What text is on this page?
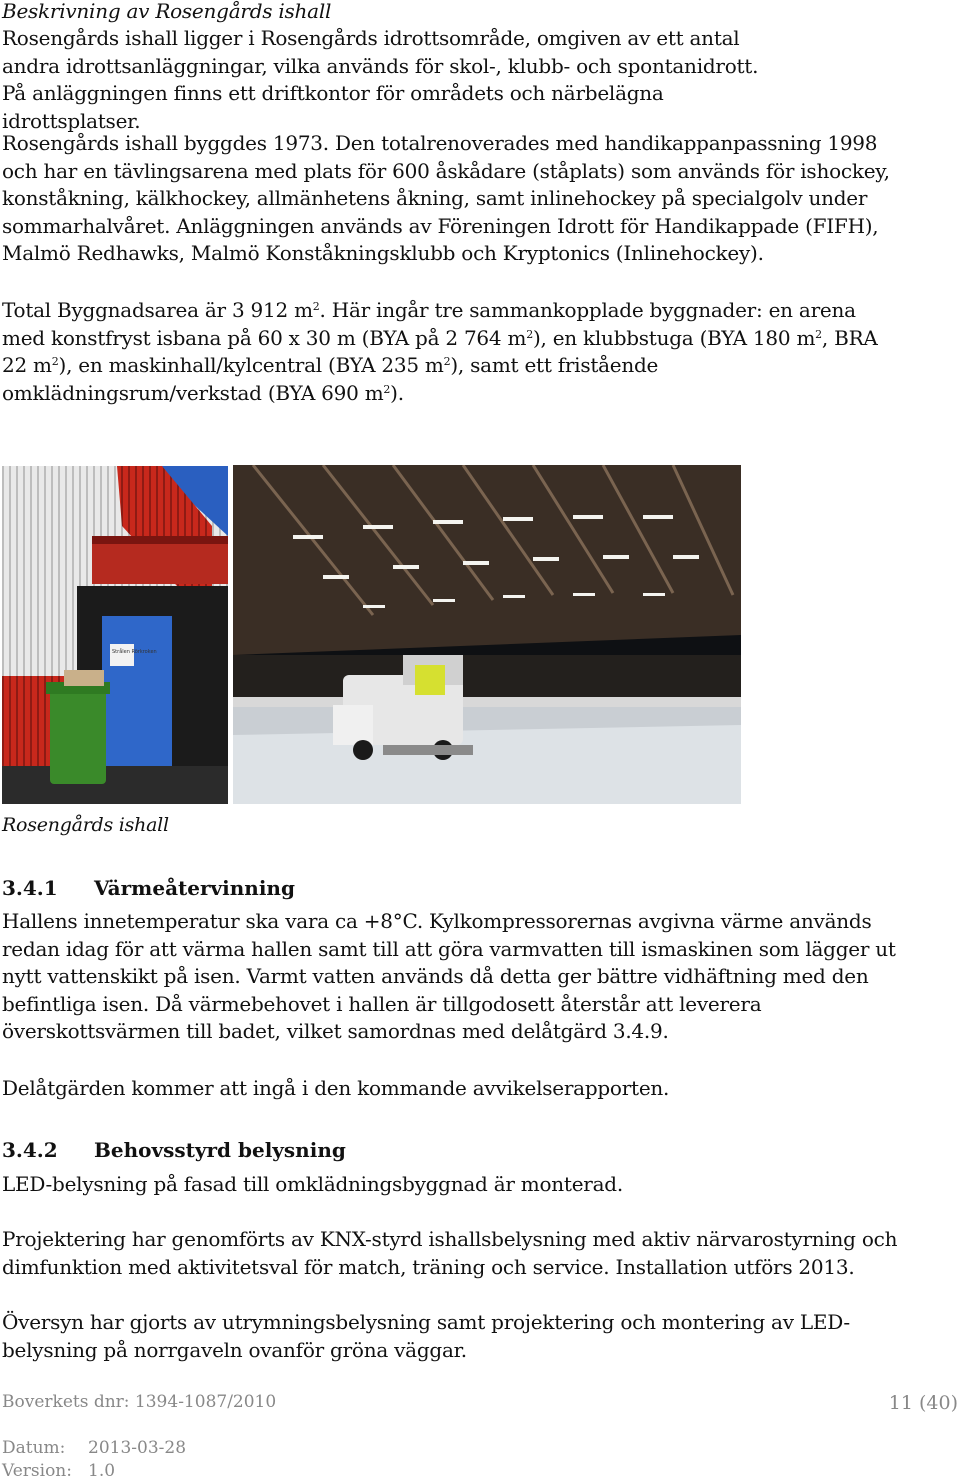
Beskrivning av Rosengårds ishall
Rosengårds ishall ligger i Rosengårds idrottsområde, omgiven av ett antal andra idrottsanläggningar, vilka används för skol-, klubb- och spontanidrott. På anläggningen finns ett driftkontor för områdets och närbelägna idrottsplatser.
Rosengårds ishall byggdes 1973. Den totalrenoverades med handikappanpassning 1998 och har en tävlingsarena med plats för 600 åskådare (ståplats) som används för ishockey, konståkning, kälkhockey, allmänhetens åkning, samt inlinehockey på specialgolv under sommarhalvåret. Anläggningen används av Föreningen Idrott för Handikappade (FIFH), Malmö Redhawks, Malmö Konståkningsklubb och Kryptonics (Inlinehockey).
Total Byggnadsarea är 3 912 $m^2$. Här ingår tre sammankopplade byggnader: en arena med konstfryst isbana på 60 x 30 m (BYA på 2 764 $m^2$), en klubbstuga (BYA 180 $m^2$, BRA 22 $m^2$), en maskinhall/kylcentral (BYA 235 $m^2$), samt ett fristående omklädningsrum/verkstad (BYA 690 $m^2$).
Strålen Rörkroken
Rosengårds ishall
3.4.1 Värmeåtervinning
Hallens innetemperatur ska vara ca +8°C. Kylkompressorernas avgivna värme används redan idag för att värma hallen samt till att göra varmvatten till ismaskinen som lägger ut nytt vattenskikt på isen. Varmt vatten används då detta ger bättre vidhäftning med den befintliga isen. Då värmebehovet i hallen är tillgodosett återstår att leverera överskottsvärmen till badet, vilket samordnas med delåtgärd 3.4.9.
Delåtgärden kommer att ingå i den kommande avvikelserapporten.
3.4.2 Behovsstyrd belysning
LED-belysning på fasad till omklädningsbyggnad är monterad.
Projektering har genomförts av KNX-styrd ishallsbelysning med aktiv närvarostyrning och dimfunktion med aktivitetsval för match, träning och service. Installation utförs 2013.
Översyn har gjorts av utrymningsbelysning samt projektering och montering av LED-belysning på norrgaveln ovanför gröna väggar.
Boverkets dnr: 1394-1087/2010	11 (40)
Datum: 2013-03-28
Version: 1.0
